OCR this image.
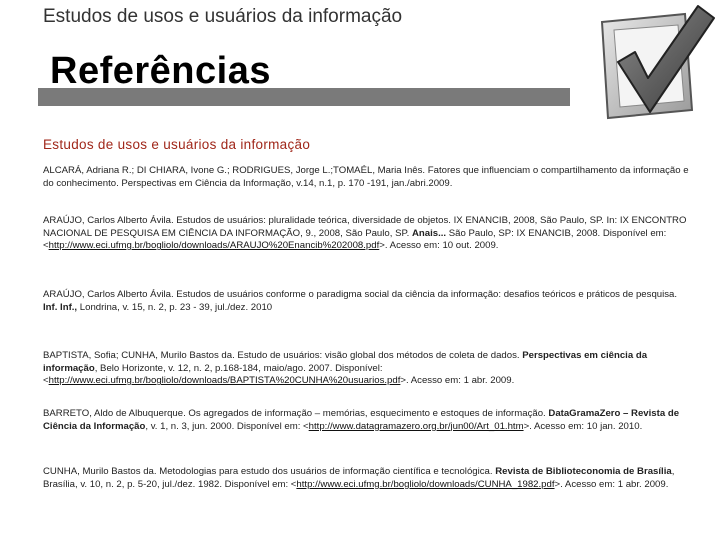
Estudos de usos e usuários da informação
Referências
Estudos de usos e usuários da informação

ALCARÁ, Adriana R.; DI CHIARA, Ivone G.; RODRIGUES, Jorge L.;TOMAÉL, Maria Inês. Fatores que influenciam o compartilhamento da informação e do conhecimento. Perspectivas em Ciência da Informação, v.14, n.1, p. 170 -191, jan./abri.2009.

ARAÚJO, Carlos Alberto Ávila. Estudos de usuários: pluralidade teórica, diversidade de objetos. IX ENANCIB, 2008, São Paulo, SP. In: IX ENCONTRO NACIONAL DE PESQUISA EM CIÊNCIA DA INFORMAÇÃO, 9., 2008, São Paulo, SP. Anais... São Paulo, SP: IX ENANCIB, 2008. Disponível em: <http://www.eci.ufmg.br/bogliolo/downloads/ARAUJO%20Enancib%202008.pdf>. Acesso em: 10 out. 2009.

ARAÚJO, Carlos Alberto Ávila. Estudos de usuários conforme o paradigma social da ciência da informação: desafios teóricos e práticos de pesquisa. Inf. Inf., Londrina, v. 15, n. 2, p. 23 - 39, jul./dez. 2010

BAPTISTA, Sofia; CUNHA, Murilo Bastos da. Estudo de usuários: visão global dos métodos de coleta de dados. Perspectivas em ciência da informação, Belo Horizonte, v. 12, n. 2, p.168-184, maio/ago. 2007. Disponível: <http://www.eci.ufmg.br/bogliolo/downloads/BAPTISTA%20CUNHA%20usuarios.pdf>. Acesso em: 1 abr. 2009.

BARRETO, Aldo de Albuquerque. Os agregados de informação – memórias, esquecimento e estoques de informação. DataGramaZero – Revista de Ciência da Informação, v. 1, n. 3, jun. 2000. Disponível em: <http://www.datagramazero.org.br/jun00/Art_01.htm>. Acesso em: 10 jan. 2010.

CUNHA, Murilo Bastos da. Metodologias para estudo dos usuários de informação científica e tecnológica. Revista de Biblioteconomia de Brasília, Brasília, v. 10, n. 2, p. 5-20, jul./dez. 1982. Disponível em: <http://www.eci.ufmg.br/bogliolo/downloads/CUNHA_1982.pdf>. Acesso em: 1 abr. 2009.
